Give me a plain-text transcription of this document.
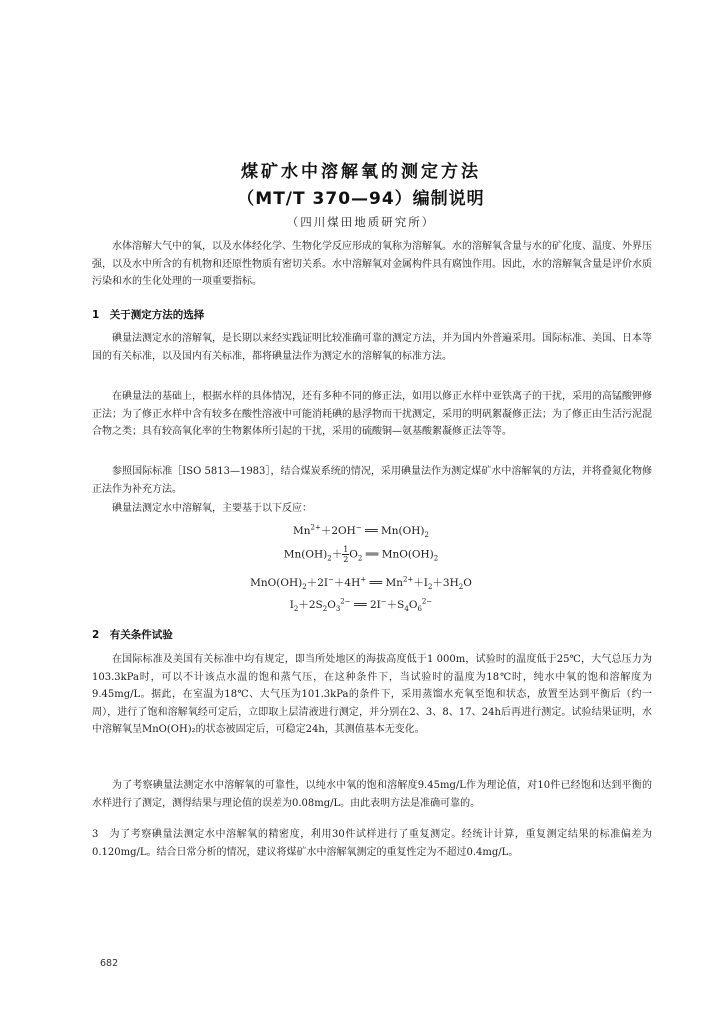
煤矿水中溶解氧的测定方法
（MT/T 370—94）编制说明
（四川煤田地质研究所）

水体溶解大气中的氧，以及水体经化学、生物化学反应形成的氧称为溶解氧。水的溶解氧含量与水的矿化度、温度、外界压强，以及水中所含的有机物和还原性物质有密切关系。水中溶解氧对金属构件具有腐蚀作用。因此，水的溶解氧含量是评价水质污染和水的生化处理的一项重要指标。

1　关于测定方法的选择

碘量法测定水的溶解氧，是长期以来经实践证明比较准确可靠的测定方法，并为国内外普遍采用。国际标准、美国、日本等国的有关标准，以及国内有关标准，都将碘量法作为测定水的溶解氧的标准方法。

在碘量法的基础上，根据水样的具体情况，还有多种不同的修正法，如用以修正水样中亚铁离子的干扰，采用的高锰酸钾修正法；为了修正水样中含有较多在酸性溶液中可能消耗碘的悬浮物而干扰测定，采用的明矾絮凝修正法；为了修正由生活污泥混合物之类；具有较高氧化率的生物絮体所引起的干扰，采用的硫酸铜—氨基酸絮凝修正法等等。

参照国际标准［ISO 5813—1983］，结合煤炭系统的情况，采用碘量法作为测定煤矿水中溶解氧的方法，并将叠氮化物修正法作为补充方法。

碘量法测定水中溶解氧，主要基于以下反应：

$Mn^{2+}+2OH^-$ ══ $Mn(OH)_2$
$Mn(OH)_2+ \frac{1}{2} O_2$ ══ $MnO(OH)_2$
$MnO(OH)_2+2I^-+4H^+$ ══ $Mn^{2+}+I_2+3H_2O$
$I_2+2S_2O_3^{2-}$ ══ $2I^-+S_4O_6^{2-}$
2　有关条件试验

在国际标准及美国有关标准中均有规定，即当所处地区的海拔高度低于1 000m，试验时的温度低于25℃，大气总压力为103.3kPa时，可以不计该点水温的饱和蒸气压，在这种条件下，当试验时的温度为18℃时，纯水中氧的饱和溶解度为9.45mg/L。据此，在室温为18℃、大气压为101.3kPa的条件下，采用蒸馏水充氧至饱和状态，放置至达到平衡后（约一周），进行了饱和溶解氧经可定后，立即取上层清液进行测定，并分别在2、3、8、17、24h后再进行测定。试验结果证明，水中溶解氧呈MnO(OH)₂的状态被固定后，可稳定24h，其测值基本无变化。

为了考察碘量法测定水中溶解氧的可靠性，以纯水中氧的饱和溶解度9.45mg/L作为理论值，对10件已经饱和达到平衡的水样进行了测定，测得结果与理论值的误差为0.08mg/L。由此表明方法是准确可靠的。

3　为了考察碘量法测定水中溶解氧的精密度，利用30件试样进行了重复测定。经统计计算，重复测定结果的标准偏差为0.120mg/L。结合日常分析的情况，建议将煤矿水中溶解氧测定的重复性定为不超过0.4mg/L。

682
